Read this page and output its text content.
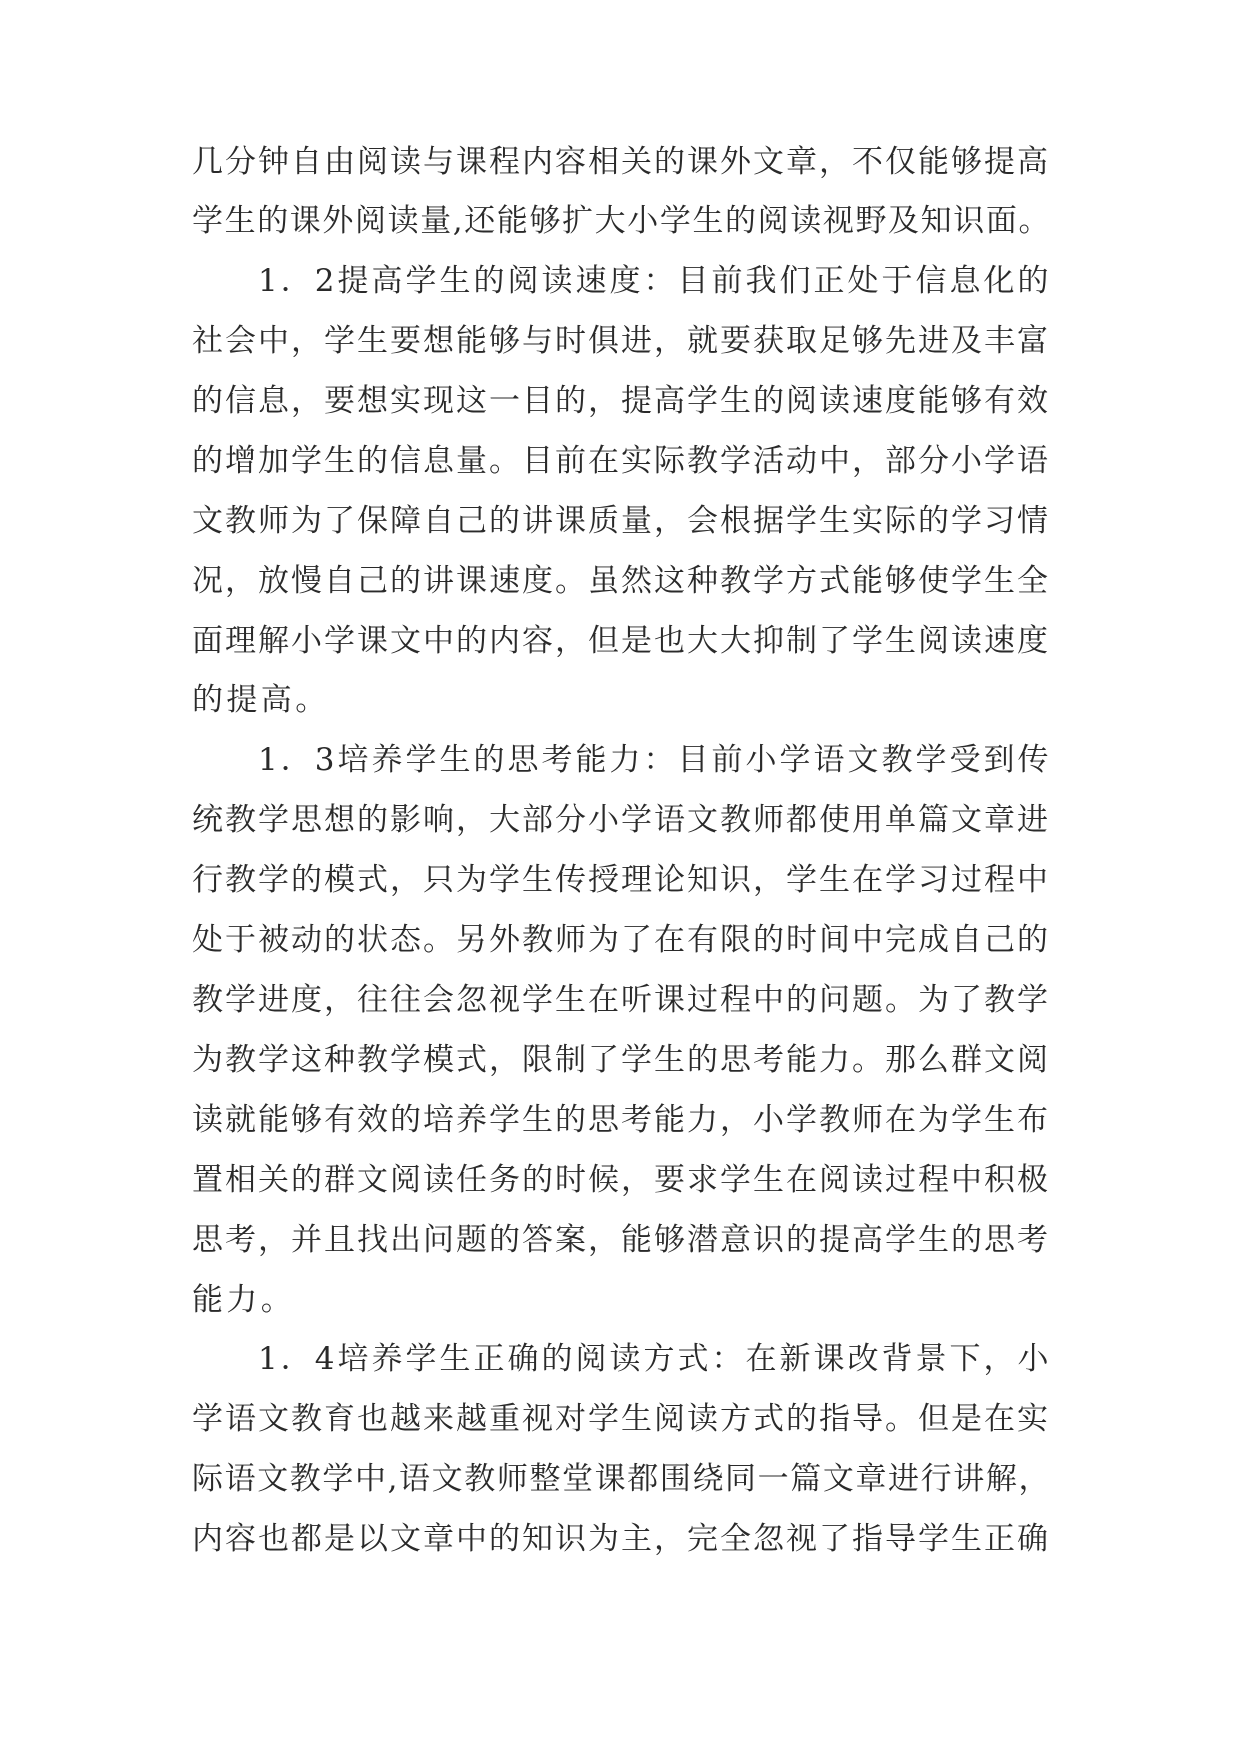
几分钟自由阅读与课程内容相关的课外文章，不仅能够提高

学生的课外阅读量,还能够扩大小学生的阅读视野及知识面。

1．2提高学生的阅读速度：目前我们正处于信息化的

社会中，学生要想能够与时俱进，就要获取足够先进及丰富

的信息，要想实现这一目的，提高学生的阅读速度能够有效

的增加学生的信息量。目前在实际教学活动中，部分小学语

文教师为了保障自己的讲课质量，会根据学生实际的学习情

况，放慢自己的讲课速度。虽然这种教学方式能够使学生全

面理解小学课文中的内容，但是也大大抑制了学生阅读速度

的提高。

1．3培养学生的思考能力：目前小学语文教学受到传

统教学思想的影响，大部分小学语文教师都使用单篇文章进

行教学的模式，只为学生传授理论知识，学生在学习过程中

处于被动的状态。另外教师为了在有限的时间中完成自己的

教学进度，往往会忽视学生在听课过程中的问题。为了教学

为教学这种教学模式，限制了学生的思考能力。那么群文阅

读就能够有效的培养学生的思考能力，小学教师在为学生布

置相关的群文阅读任务的时候，要求学生在阅读过程中积极

思考，并且找出问题的答案，能够潜意识的提高学生的思考

能力。

1．4培养学生正确的阅读方式：在新课改背景下，小

学语文教育也越来越重视对学生阅读方式的指导。但是在实

际语文教学中,语文教师整堂课都围绕同一篇文章进行讲解，

内容也都是以文章中的知识为主，完全忽视了指导学生正确
